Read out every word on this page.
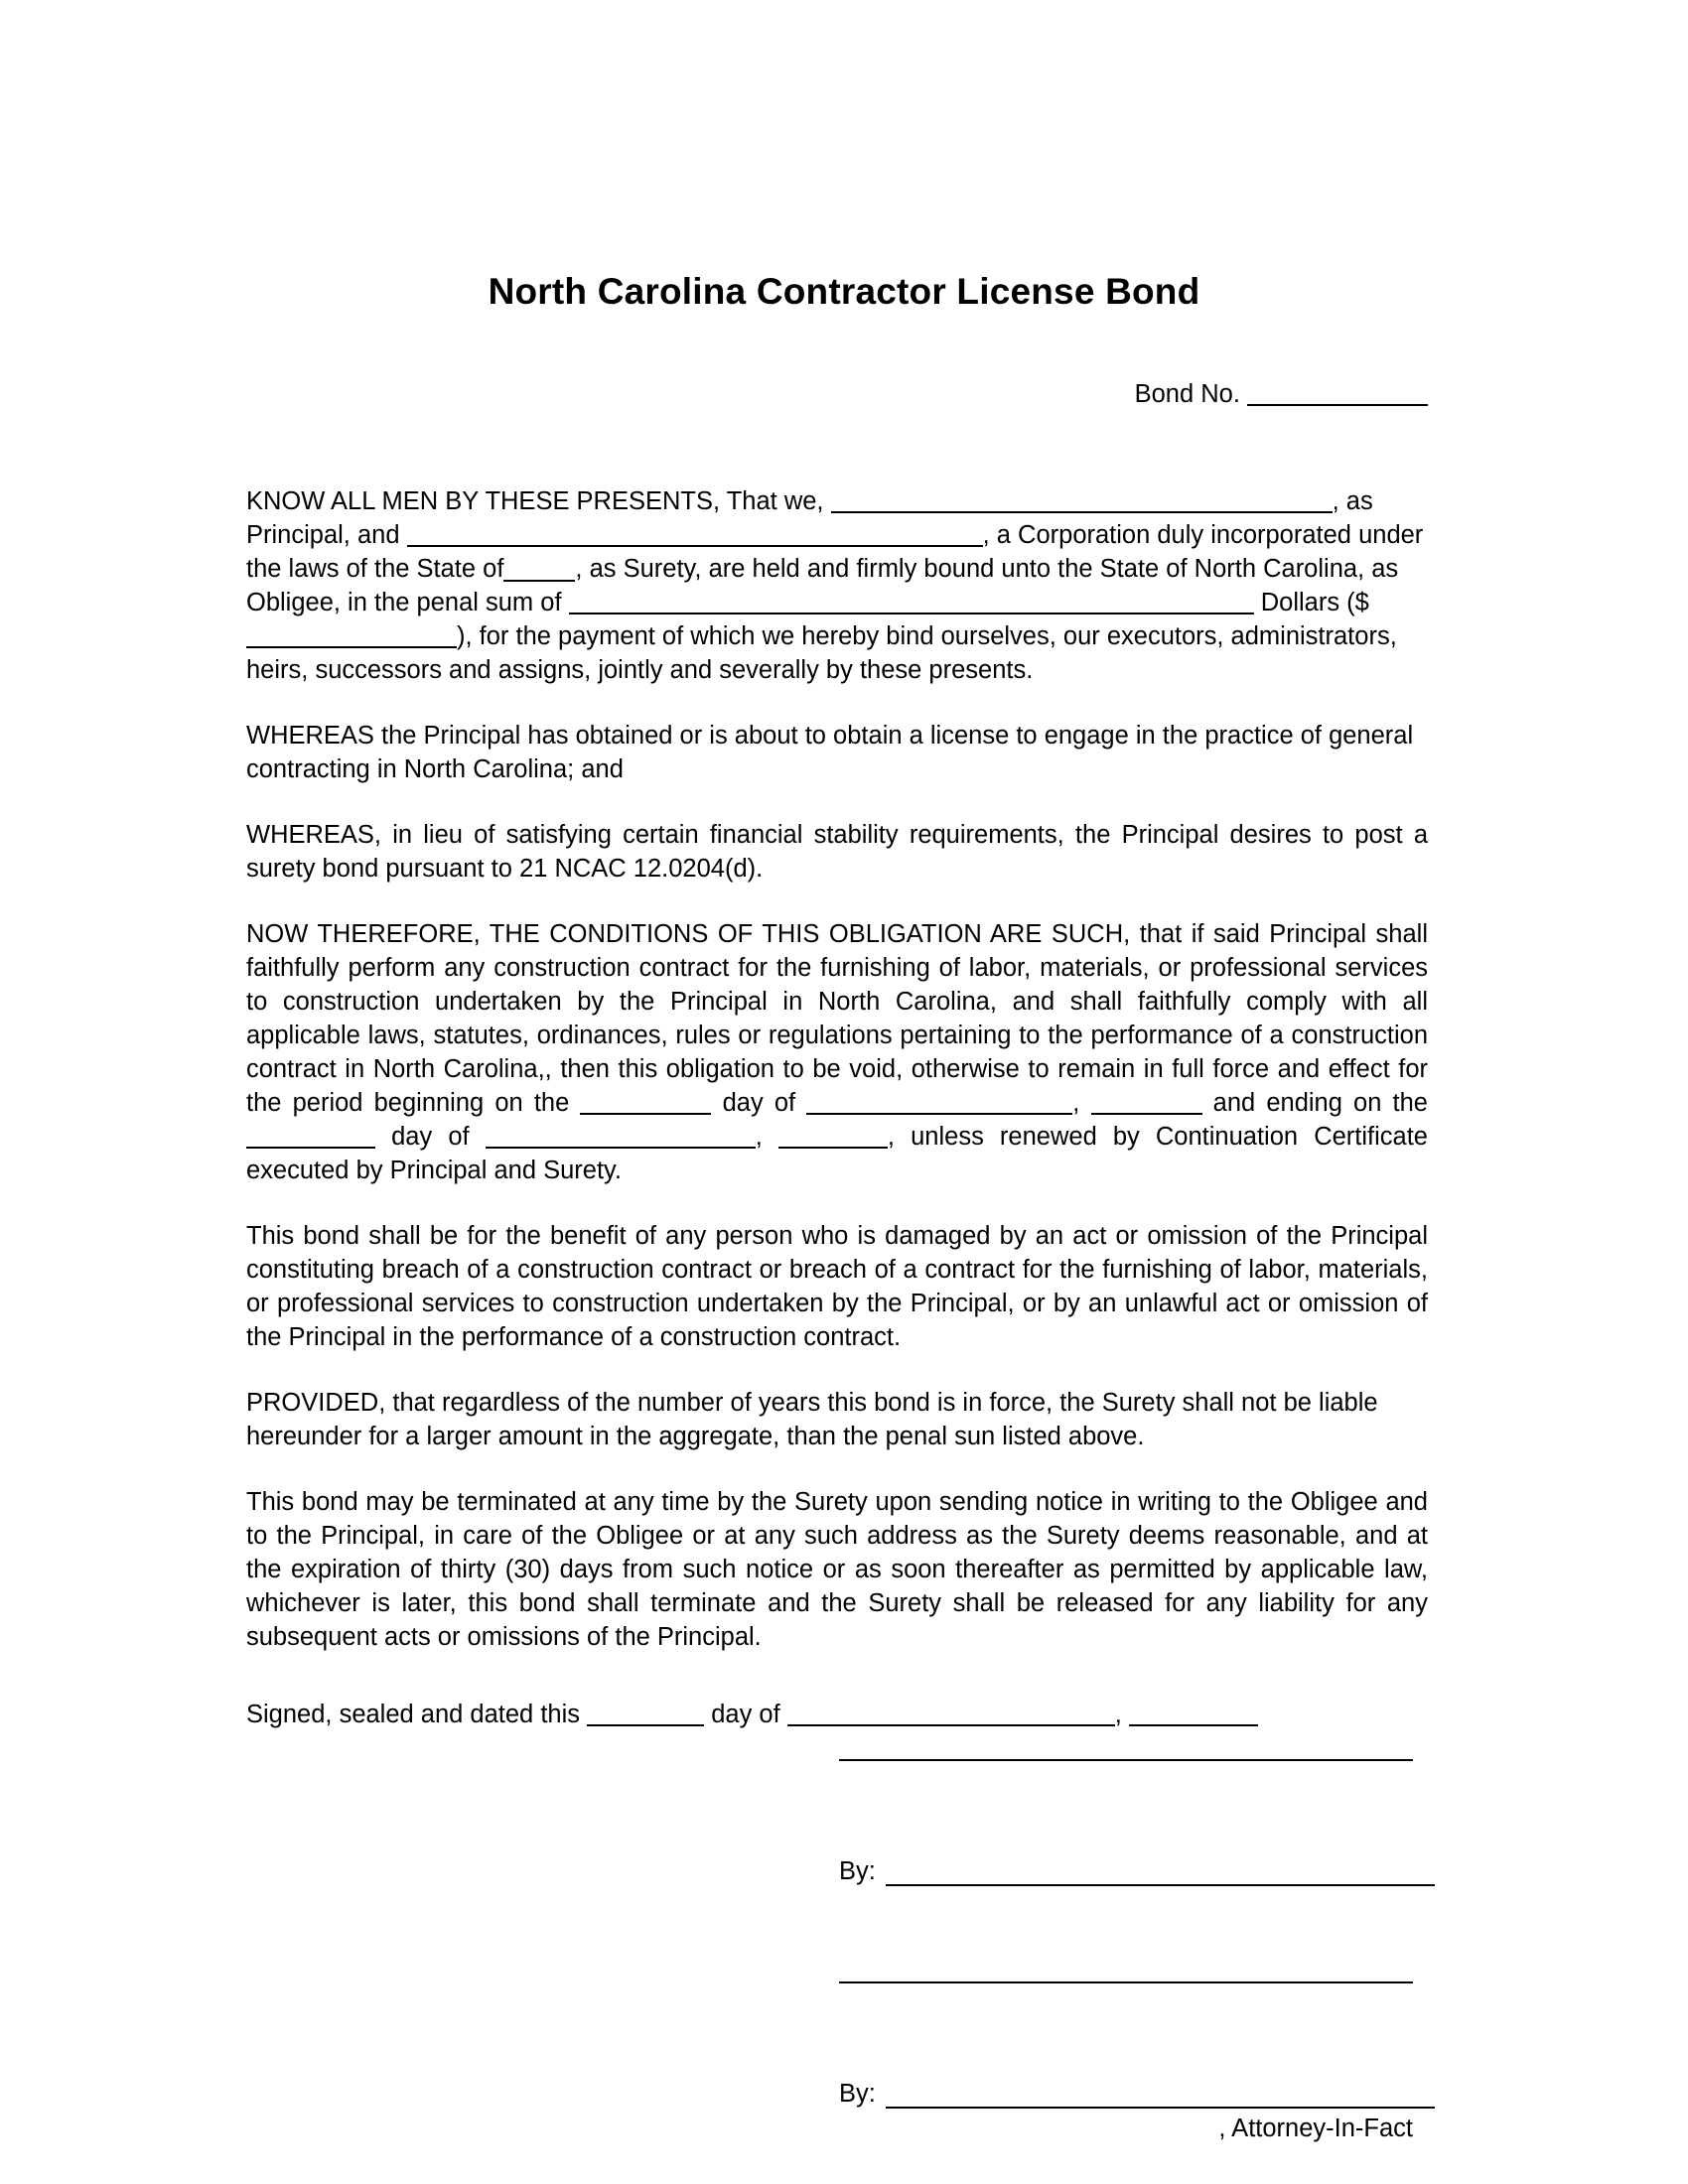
North Carolina Contractor License Bond
Bond No.

KNOW ALL MEN BY THESE PRESENTS, That we,	, as Principal, and	, a Corporation duly incorporated under the laws of the State of	, as Surety, are held and firmly bound unto the State of North Carolina, as Obligee, in the penal sum of	Dollars ($), for the payment of which we hereby bind ourselves, our executors, administrators, heirs, successors and assigns, jointly and severally by these presents.

WHEREAS the Principal has obtained or is about to obtain a license to engage in the practice of general contracting in North Carolina; and

WHEREAS, in lieu of satisfying certain financial stability requirements, the Principal desires to post a surety bond pursuant to 21 NCAC 12.0204(d).

NOW THEREFORE, THE CONDITIONS OF THIS OBLIGATION ARE SUCH, that if said Principal shall faithfully perform any construction contract for the furnishing of labor, materials, or professional services to construction undertaken by the Principal in North Carolina, and shall faithfully comply with all applicable laws, statutes, ordinances, rules or regulations pertaining to the performance of a construction contract in North Carolina,, then this obligation to be void, otherwise to remain in full force and effect for the period beginning on the	day of	,	and ending on the  day of	,	, unless renewed by Continuation Certificate executed by Principal and Surety.

This bond shall be for the benefit of any person who is damaged by an act or omission of the Principal constituting breach of a construction contract or breach of a contract for the furnishing of labor, materials, or professional services to construction undertaken by the Principal, or by an unlawful act or omission of the Principal in the performance of a construction contract.

PROVIDED, that regardless of the number of years this bond is in force, the Surety shall not be liable hereunder for a larger amount in the aggregate, than the penal sun listed above.

This bond may be terminated at any time by the Surety upon sending notice in writing to the Obligee and to the Principal, in care of the Obligee or at any such address as the Surety deems reasonable, and at the expiration of thirty (30) days from such notice or as soon thereafter as permitted by applicable law, whichever is later, this bond shall terminate and the Surety shall be released for any liability for any subsequent acts or omissions of the Principal.

Signed, sealed and dated this	day of	,
By:
By:
, Attorney-In-Fact
